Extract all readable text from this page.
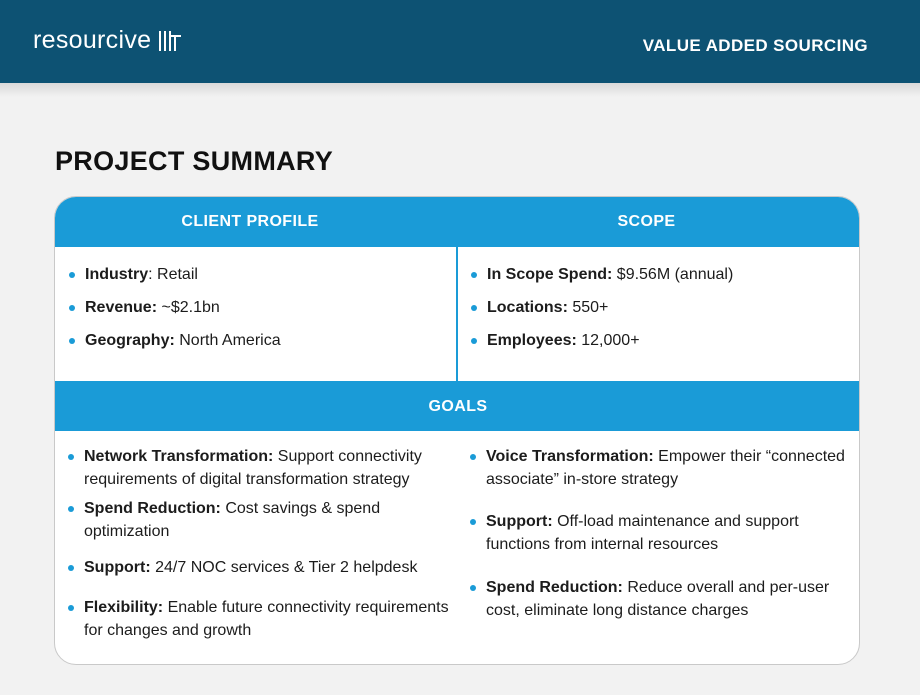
resourcive	VALUE ADDED SOURCING
PROJECT SUMMARY
CLIENT PROFILE	SCOPE
Industry: Retail
Revenue: ~$2.1bn
Geography: North America
In Scope Spend: $9.56M (annual)
Locations: 550+
Employees: 12,000+
GOALS
Network Transformation: Support connectivity requirements of digital transformation strategy
Spend Reduction: Cost savings & spend optimization
Support: 24/7 NOC services & Tier 2 helpdesk
Flexibility: Enable future connectivity requirements for changes and growth
Voice Transformation: Empower their “connected associate” in-store strategy
Support: Off-load maintenance and support functions from internal resources
Spend Reduction: Reduce overall and per-user cost, eliminate long distance charges
